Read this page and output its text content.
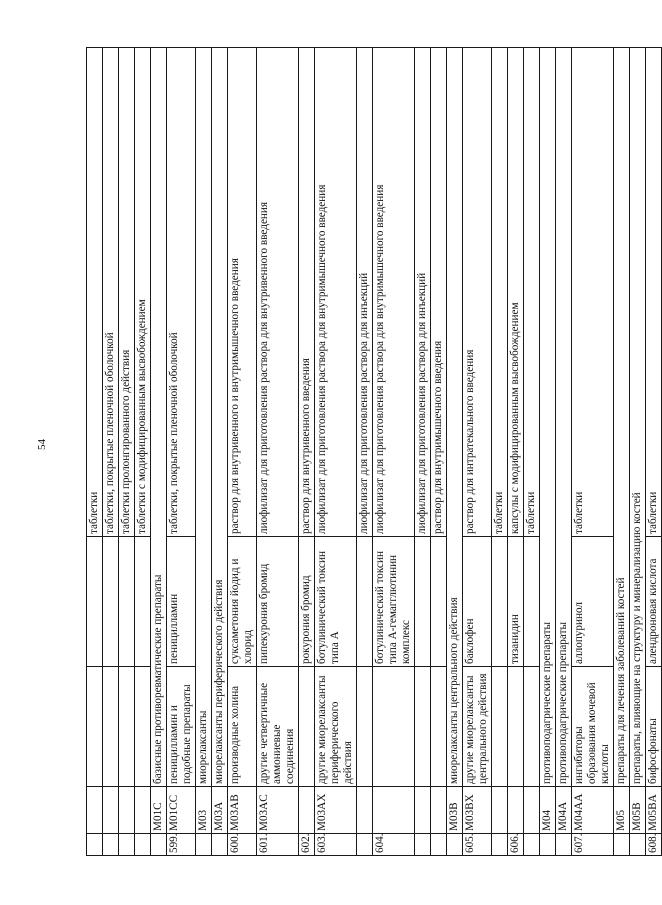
54
				таблетки
				таблетки, покрытые пленочной оболочкой
				таблетки пролонгированного действия
				таблетки с модифицированным высвобождением
	M01C	базисные противоревматические препараты		
599.	M01CC	пеницилламин и подобные препараты	пеницилламин	таблетки, покрытые пленочной оболочкой
	M03	миорелаксанты		
	M03A	миорелаксанты периферического действия		
600.	M03AB	производные холина	суксаметония йодид и хлорид	раствор для внутривенного и внутримышечного введения
601.	M03AC	другие четвертичные аммониевые соединения	пипекурония бромид	лиофилизат для приготовления раствора для внутривенного введения
602.			рокурония бромид	раствор для внутривенного введения
603.	M03AX	другие миорелаксанты периферического действия	ботулинический токсин типа A	лиофилизат для приготовления раствора для внутримышечного введения
				лиофилизат для приготовления раствора для инъекций
604.			ботулинический токсин типа A-гемагглютинин комплекс	лиофилизат для приготовления раствора для внутримышечного введения
				лиофилизат для приготовления раствора для инъекций
				раствор для внутримышечного введения
	M03B	миорелаксанты центрального действия		
605.	M03BX	другие миорелаксанты центрального действия	баклофен	раствор для интратекального введения
				таблетки
606.			тизанидин	капсулы с модифицированным высвобождением
				таблетки
	M04	противоподагрические препараты		
	M04A	противоподагрические препараты		
607.	M04AA	ингибиторы образования мочевой кислоты	аллопуринол	таблетки
	M05	препараты для лечения заболеваний костей		
	M05B	препараты, влияющие на структуру и минерализацию костей		
608.	M05BA	бифосфонаты	алендроновая кислота	таблетки
